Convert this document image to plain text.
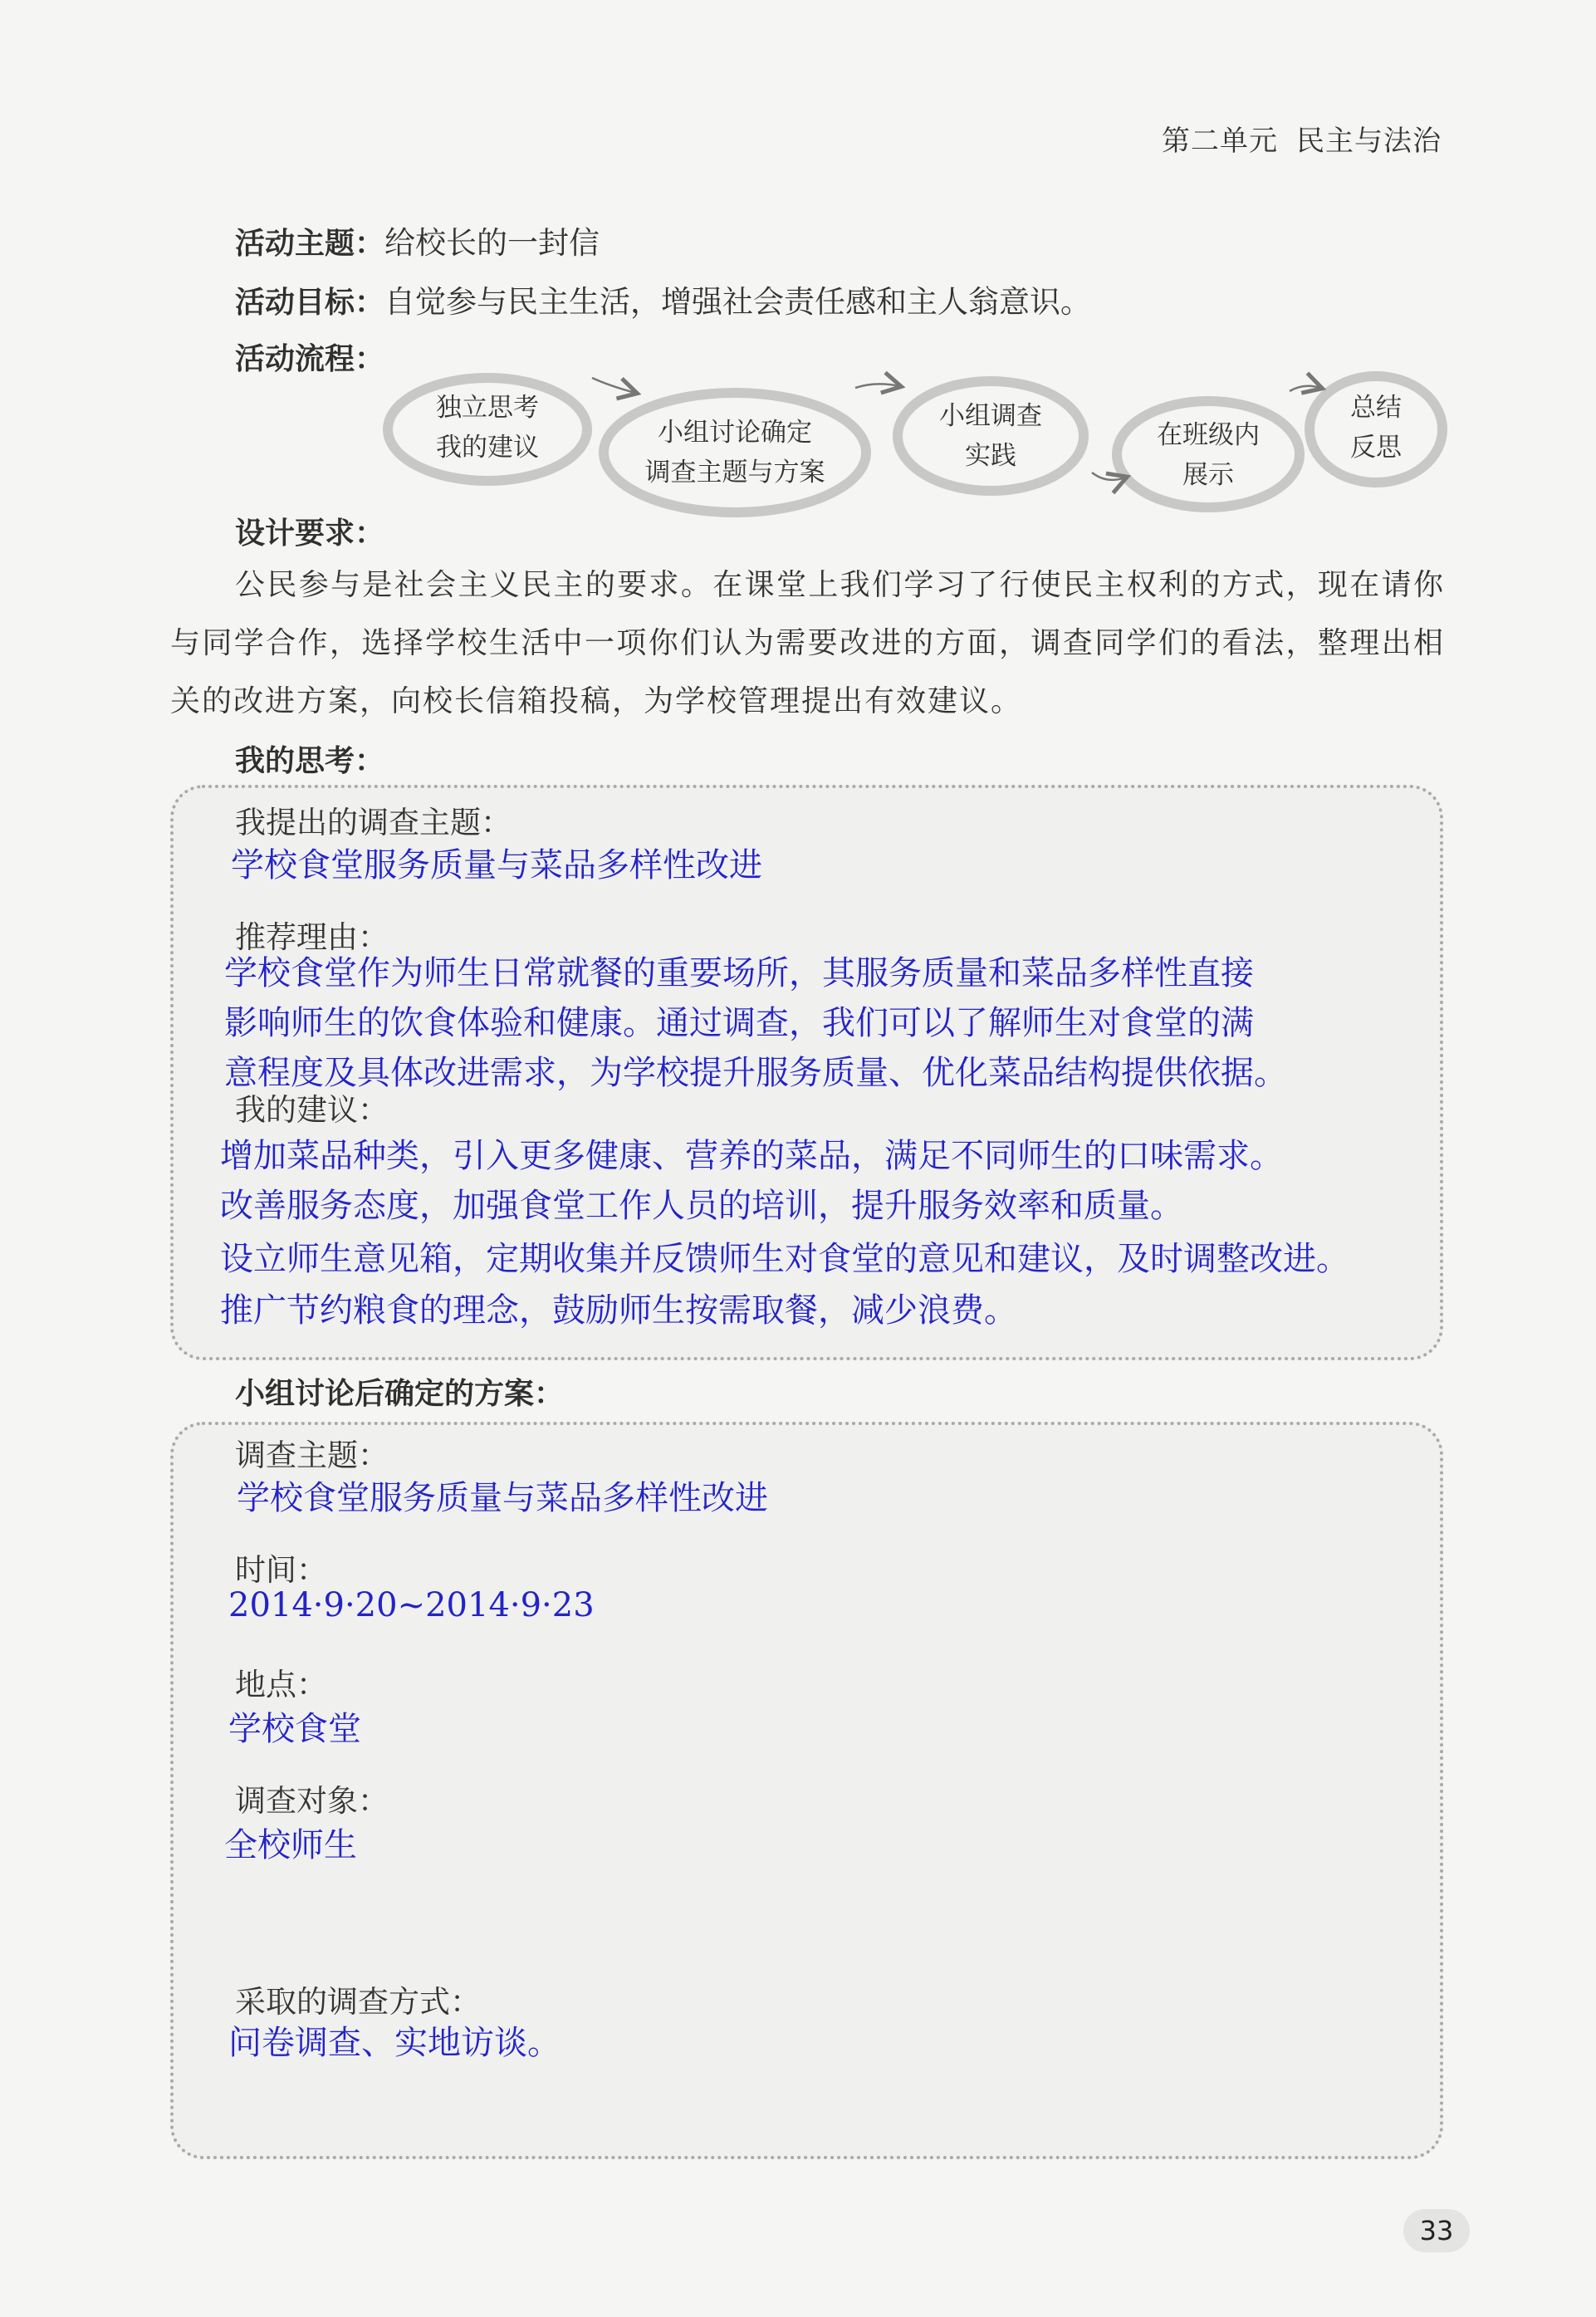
第二单元 民主与法治
活动主题：给校长的一封信
活动目标：自觉参与民主生活，增强社会责任感和主人翁意识。
活动流程：
独立思考
我的建议	小组讨论确定
调查主题与方案
小组调查
实践
在班级内
展示
总结
反思
设计要求：
公民参与是社会主义民主的要求。在课堂上我们学习了行使民主权利的方式，现在请你与同学合作，选择学校生活中一项你们认为需要改进的方面，调查同学们的看法，整理出相关的改进方案，向校长信箱投稿，为学校管理提出有效建议。
我的思考：
我提出的调查主题：
学校食堂服务质量与菜品多样性改进
推荐理由：
学校食堂作为师生日常就餐的重要场所，其服务质量和菜品多样性直接
影响师生的饮食体验和健康。通过调查，我们可以了解师生对食堂的满
意程度及具体改进需求，为学校提升服务质量、优化菜品结构提供依据。
我的建议：
增加菜品种类，引入更多健康、营养的菜品，满足不同师生的口味需求。
改善服务态度，加强食堂工作人员的培训，提升服务效率和质量。
设立师生意见箱，定期收集并反馈师生对食堂的意见和建议，及时调整改进。
推广节约粮食的理念，鼓励师生按需取餐，减少浪费。
小组讨论后确定的方案：
调查主题：
学校食堂服务质量与菜品多样性改进
时间：
2014·9·20~2014·9·23
地点：
学校食堂
调查对象：
全校师生
采取的调查方式：
问卷调查、实地访谈。
33
